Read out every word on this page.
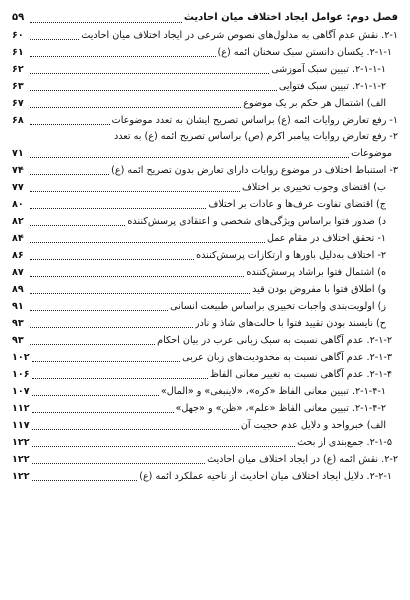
فصل دوم: عوامل ایجاد اختلاف میان احادیث
۵۹
۲-۱. نقش عدم آگاهی به مدلول‌های نصوص شرعی در ایجاد اختلاف میان احادیث
۶۰
۲-۱-۱. یکسان دانستن سبک سخنان ائمه (ع)
۶۱
۲-۱-۱-۱. تبیین سبک آموزشی
۶۲
۲-۱-۱-۲. تبیین سبک فتوایی
۶۳
الف) اشتمال هر حکم بر یک موضوع
۶۷
۱- رفع تعارض روایات ائمه (ع) براساس تصریح ایشان به تعدد موضوعات
۶۸
۲- رفع تعارض روایات پیامبر اکرم (ص) براساس تصریح ائمه (ع) به تعدد
موضوعات
۷۱
۳- استنباط اختلاف در موضوع روایات دارای تعارض بدون تصریح ائمه (ع)
۷۴
ب) اقتضای وجوب تخییری بر اختلاف
۷۷
ج) اقتضای تفاوت عرف‌ها و عادات بر اختلاف
۸۰
د) صدور فتوا براساس ویژگی‌های شخصی و اعتقادی پرسش‌کننده
۸۲
۱- تحقق اختلاف در مقام عمل
۸۴
۲- اختلاف به‌دلیل باورها و ارتکازات پرسش‌کننده
۸۶
ه) اشتمال فتوا براشاد پرسش‌کننده
۸۷
و) اطلاق فتوا با مفروض بودن قید
۸۹
ز) اولویت‌بندی واجبات تخییری براساس طبیعت انسانی
۹۱
ح) نایسند بودن تقیید فتوا با حالت‌های شاذ و نادر
۹۳
۲-۱-۲. عدم آگاهی نسبت به سبک زبانی عرب در بیان احکام
۹۳
۲-۱-۳. عدم آگاهی نسبت به محدودیت‌های زبان عربی
۱۰۲
۲-۱-۴. عدم آگاهی نسبت به تغییر معانی الفاظ
۱۰۶
۲-۱-۴-۱. تبیین معانی الفاظ «کره»، «لاینبغی» و «المال»
۱۰۷
۲-۱-۴-۲. تبیین معانی الفاظ «علم»، «ظن» و «جهل»
۱۱۲
الف) خبرواحد و دلایل عدم حجیت آن
۱۱۷
۲-۱-۵. جمع‌بندی از بحث
۱۲۲
۲-۲. نقش ائمه (ع) در ایجاد اختلاف میان احادیث
۱۲۲
۲-۲-۱. دلایل ایجاد اختلاف میان احادیث از ناحیه عملکرد ائمه (ع)
۱۲۲
